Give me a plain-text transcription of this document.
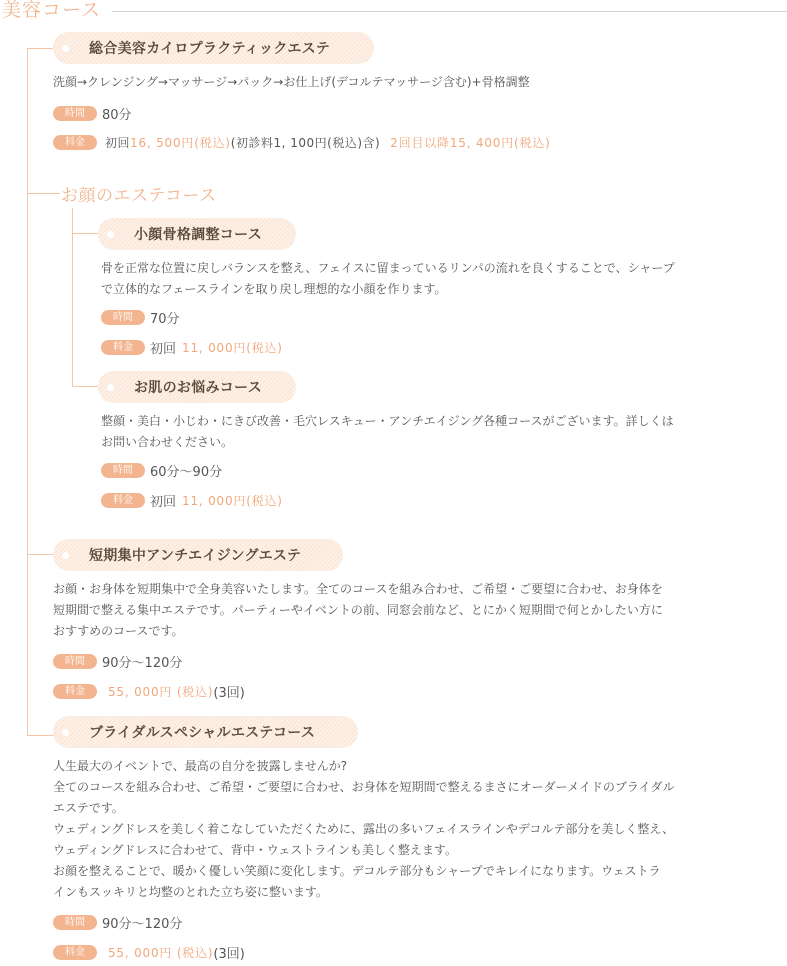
美容コース
総合美容カイロプラクティックエステ
洗顔→クレンジング→マッサージ→パック→お仕上げ(デコルテマッサージ含む)+骨格調整
時間	80分
料金	初回 16, 500円(税込) (初診料1, 100円(税込)含) 2回目以降15, 400円(税込)
お顔のエステコース
小顔骨格調整コース
骨を正常な位置に戻しバランスを整え、フェイスに留まっているリンパの流れを良くすることで、シャープ
で立体的なフェースラインを取り戻し理想的な小顔を作ります。
時間	70分
料金	初回 11, 000円(税込)
お肌のお悩みコース
整顔・美白・小じわ・にきび改善・毛穴レスキュー・アンチエイジング各種コースがございます。詳しくは
お問い合わせください。
時間	60分〜90分
料金	初回 11, 000円(税込)
短期集中アンチエイジングエステ
お顔・お身体を短期集中で全身美容いたします。全てのコースを組み合わせ、ご希望・ご要望に合わせ、お身体を
短期間で整える集中エステです。パーティーやイベントの前、同窓会前など、とにかく短期間で何とかしたい方に
おすすめのコースです。
時間	90分〜120分
料金	55, 000円 (税込) (3回)
ブライダルスペシャルエステコース
人生最大のイベントで、最高の自分を披露しませんか?
全てのコースを組み合わせ、ご希望・ご要望に合わせ、お身体を短期間で整えるまさにオーダーメイドのブライダル
エステです。
ウェディングドレスを美しく着こなしていただくために、露出の多いフェイスラインやデコルテ部分を美しく整え、
ウェディングドレスに合わせて、背中・ウェストラインも美しく整えます。
お顔を整えることで、暖かく優しい笑顔に変化します。デコルテ部分もシャープでキレイになります。ウェストラ
インもスッキリと均整のとれた立ち姿に整います。
時間	90分〜120分
料金	55, 000円 (税込) (3回)
